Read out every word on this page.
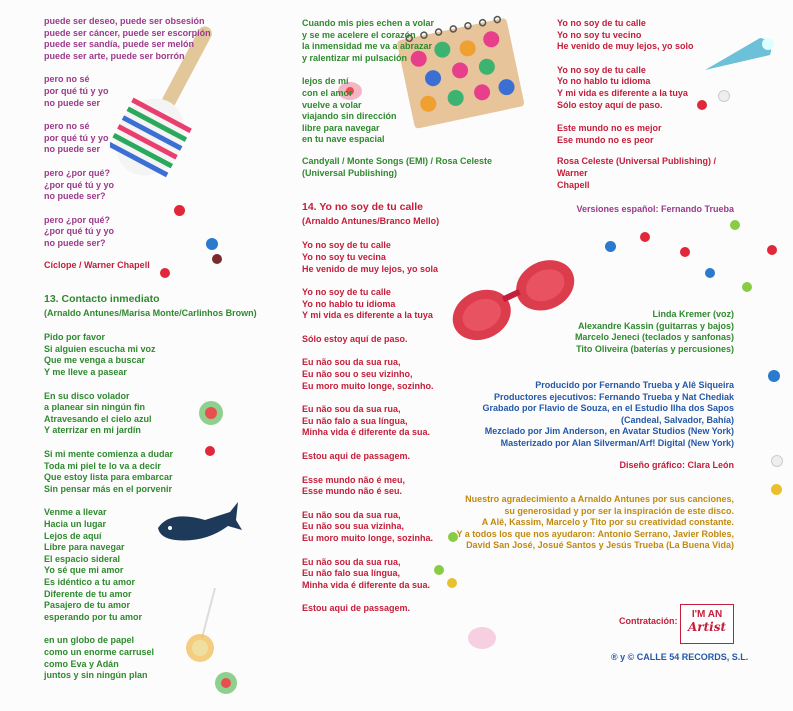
puede ser deseo, puede ser obsesión
puede ser cáncer, puede ser escorpión
puede ser sandía, puede ser melón
puede ser arte, puede ser borrón
pero no sé
por qué tú y yo
no puede ser
pero no sé
por qué tú y yo
no puede ser
pero ¿por qué?
¿por qué tú y yo
no puede ser?
pero ¿por qué?
¿por qué tú y yo
no puede ser?
Cíclope / Warner Chapell
13. Contacto inmediato
(Arnaldo Antunes/Marisa Monte/Carlinhos Brown)
Pido por favor
Si alguien escucha mi voz
Que me venga a buscar
Y me lleve a pasear
En su disco volador
a planear sin ningún fin
Atravesando el cielo azul
Y aterrizar en mi jardín
Si mi mente comienza a dudar
Toda mi piel te lo va a decir
Que estoy lista para embarcar
Sin pensar más en el porvenir
Venme a llevar
Hacia un lugar
Lejos de aquí
Libre para navegar
El espacio sideral
Yo sé que mi amor
Es idéntico a tu amor
Diferente de tu amor
Pasajero de tu amor
esperando por tu amor
en un globo de papel
como un enorme carrusel
como Eva y Adán
juntos y sin ningún plan
Cuando mis pies echen a volar
y se me acelere el corazón
la inmensidad me va a abrazar
y ralentizar mi pulsación
lejos de mí
con el amor
vuelve a volar
viajando sin dirección
libre para navegar
en tu nave espacial
Candyall / Monte Songs (EMI) / Rosa Celeste
(Universal Publishing)
14. Yo no soy de tu calle
(Arnaldo Antunes/Branco Mello)
Yo no soy de tu calle
Yo no soy tu vecina
He venido de muy lejos, yo sola
Yo no soy de tu calle
Yo no hablo tu idioma
Y mi vida es diferente a la tuya
Sólo estoy aquí de paso.
Eu não sou da sua rua,
Eu não sou o seu vizinho,
Eu moro muito longe, sozinho.
Eu não sou da sua rua,
Eu não falo a sua língua,
Minha vida é diferente da sua.
Estou aqui de passagem.
Esse mundo não é meu,
Esse mundo não é seu.
Eu não sou da sua rua,
Eu não sou sua vizinha,
Eu moro muito longe, sozinha.
Eu não sou da sua rua,
Eu não falo sua língua,
Minha vida é diferente da sua.
Estou aqui de passagem.
Yo no soy de tu calle
Yo no soy tu vecino
He venido de muy lejos, yo solo
Yo no soy de tu calle
Yo no hablo tu idioma
Y mi vida es diferente a la tuya
Sólo estoy aquí de paso.
Este mundo no es mejor
Ese mundo no es peor
Rosa Celeste (Universal Publishing) / Warner
Chapell
Versiones español: Fernando Trueba
Linda Kremer (voz)
Alexandre Kassin (guitarras y bajos)
Marcelo Jeneci (teclados y sanfonas)
Tito Oliveira (baterías y percusiones)
Producido por Fernando Trueba y Alê Siqueira
Productores ejecutivos: Fernando Trueba y Nat Chediak
Grabado por Flavio de Souza, en el Estudio Ilha dos Sapos
(Candeal, Salvador, Bahía)
Mezclado por Jim Anderson, en Avatar Studios (New York)
Masterizado por Alan Silverman/Arf! Digital (New York)
Diseño gráfico: Clara León
Nuestro agradecimiento a Arnaldo Antunes por sus canciones,
su generosidad y por ser la inspiración de este disco.
A Alê, Kassim, Marcelo y Tito por su creatividad constante.
Y a todos los que nos ayudaron: Antonio Serrano, Javier Robles,
David San José, Josué Santos y Jesús Trueba (La Buena Vida)
Contratación:
I'M AN
Artist
® y © CALLE 54 RECORDS, S.L.
